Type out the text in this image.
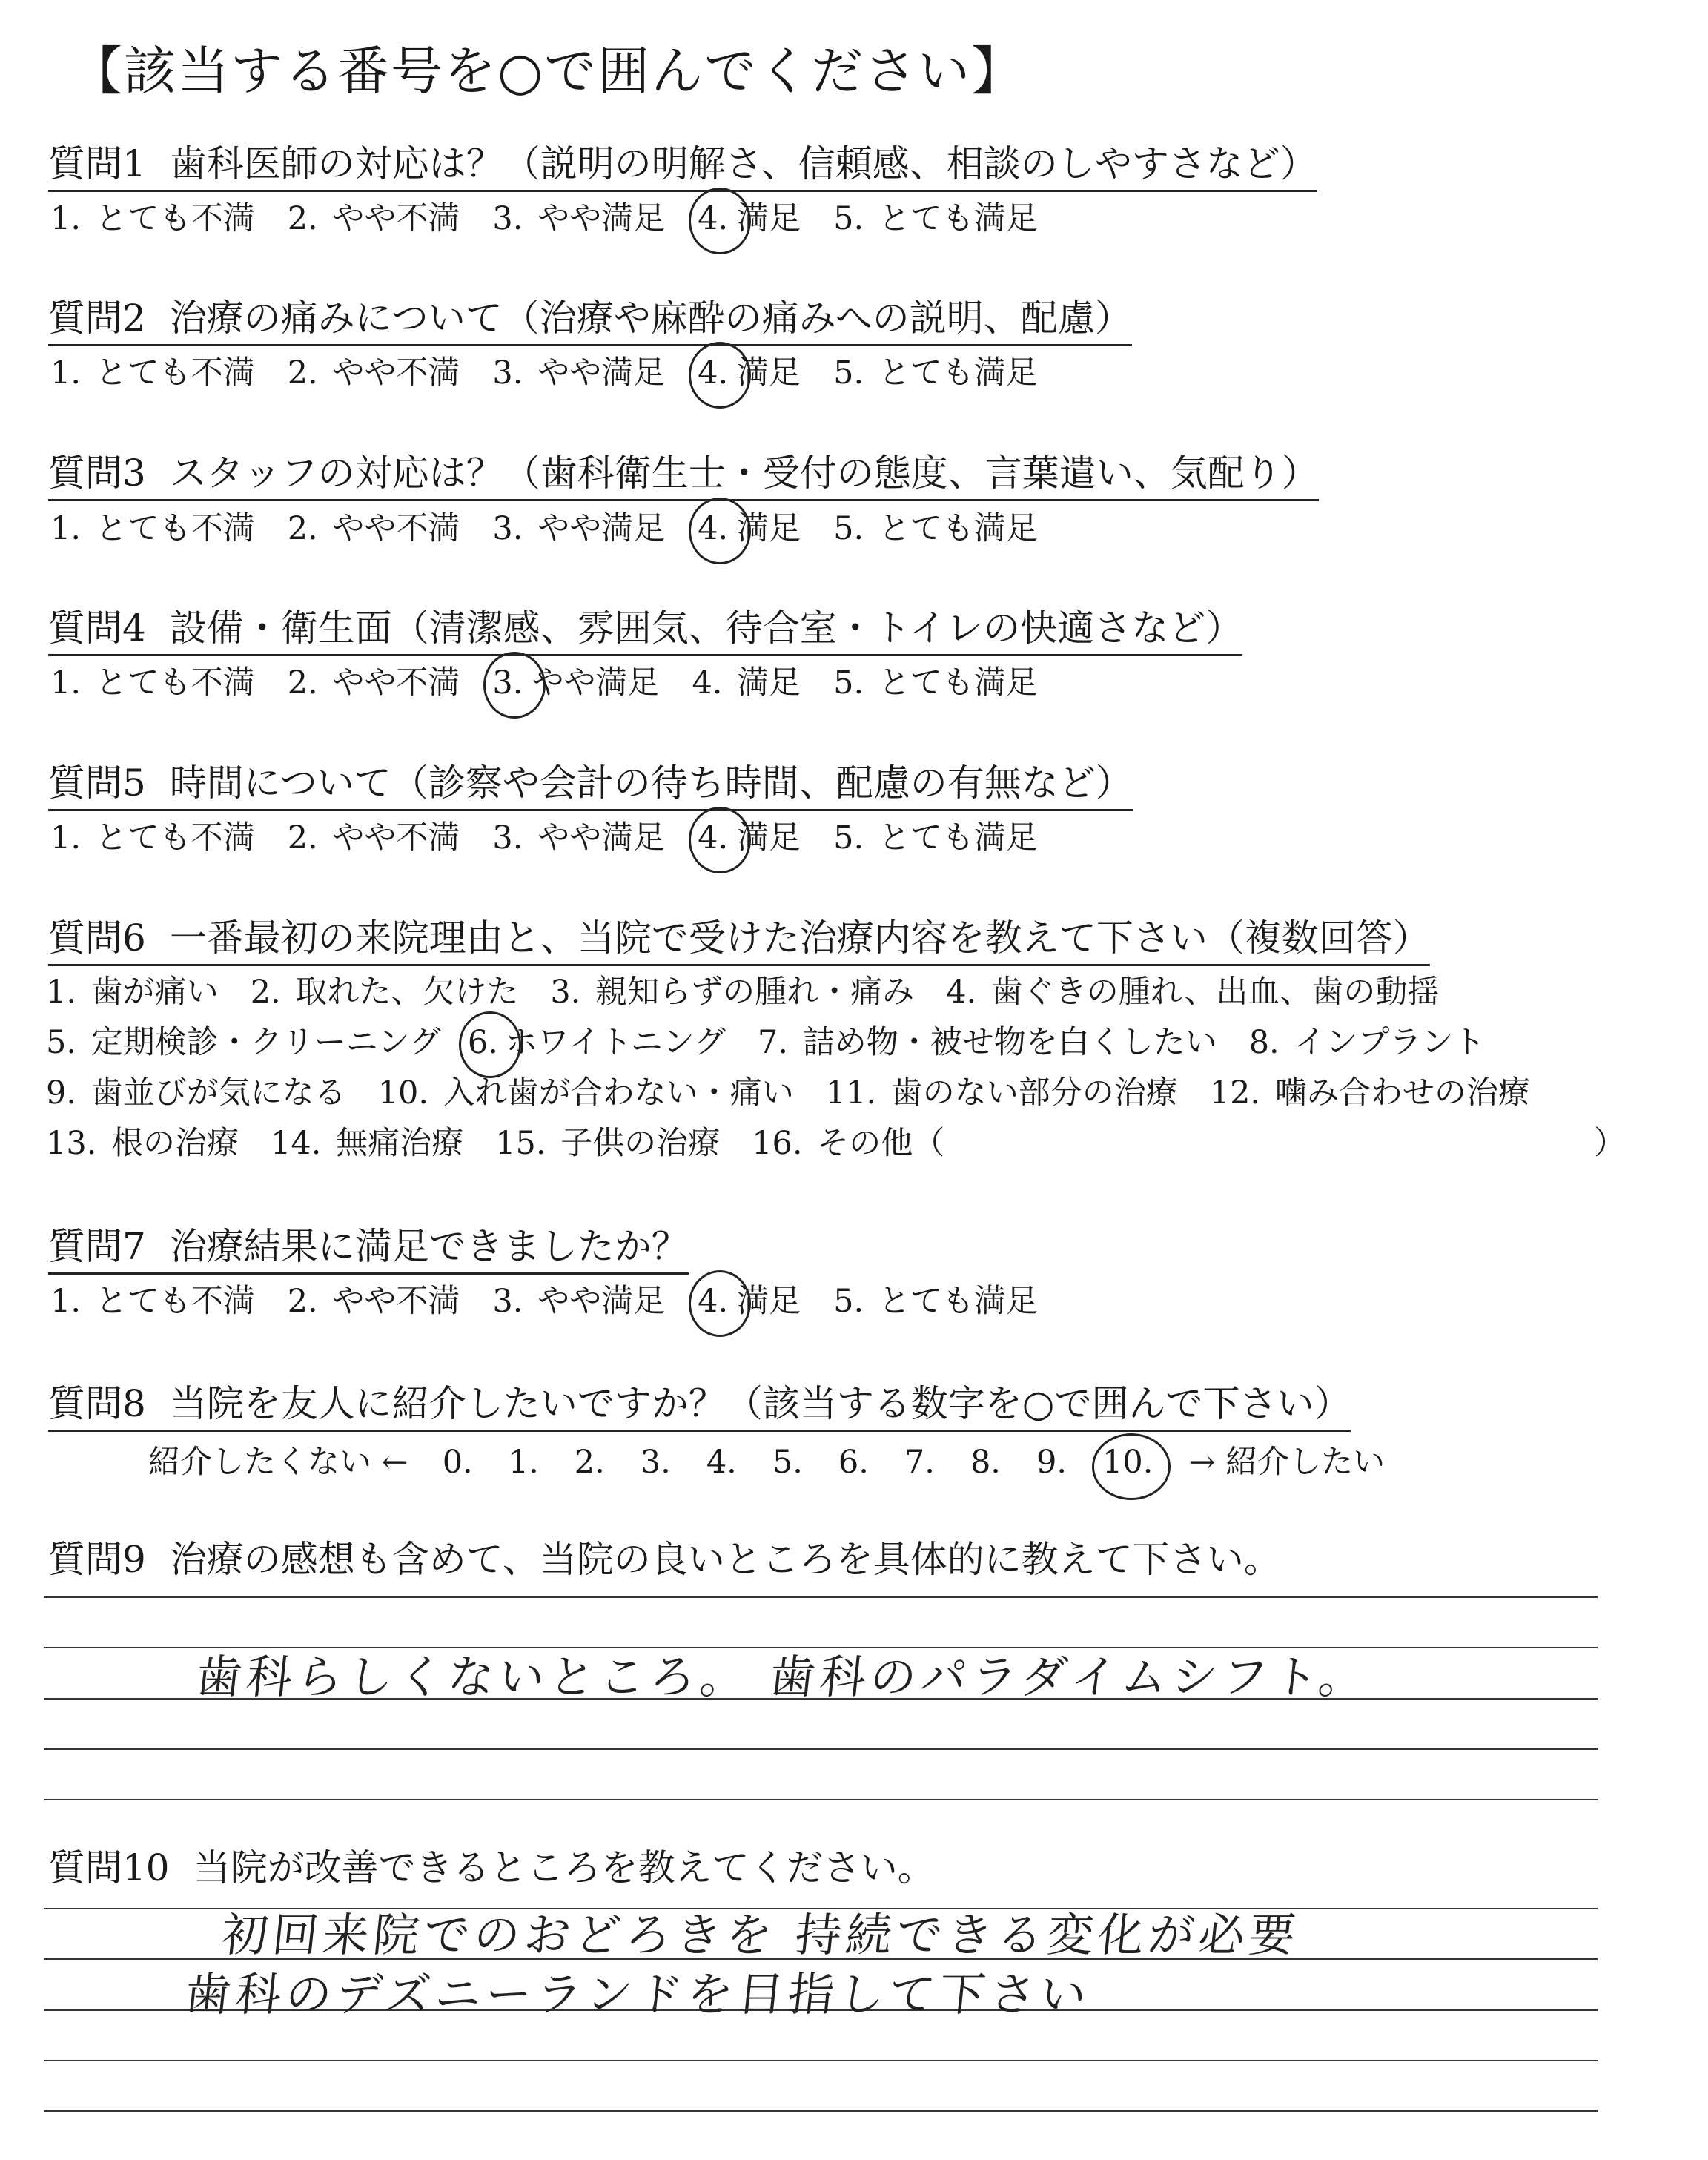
【該当する番号を○で囲んでください】
質問1 歯科医師の対応は？（説明の明解さ、信頼感、相談のしやすさなど）
1. とても不満 2. やや不満 3. やや満足 4. 満足 5. とても満足
質問2 治療の痛みについて（治療や麻酔の痛みへの説明、配慮）
1. とても不満 2. やや不満 3. やや満足 4. 満足 5. とても満足
質問3 スタッフの対応は？（歯科衛生士・受付の態度、言葉遣い、気配り）
1. とても不満 2. やや不満 3. やや満足 4. 満足 5. とても満足
質問4 設備・衛生面（清潔感、雰囲気、待合室・トイレの快適さなど）
1. とても不満 2. やや不満 3. やや満足 4. 満足 5. とても満足
質問5 時間について（診察や会計の待ち時間、配慮の有無など）
1. とても不満 2. やや不満 3. やや満足 4. 満足 5. とても満足
質問6 一番最初の来院理由と、当院で受けた治療内容を教えて下さい（複数回答）
1. 歯が痛い　2. 取れた、欠けた　3. 親知らずの腫れ・痛み　4. 歯ぐきの腫れ、出血、歯の動揺
5. 定期検診・クリーニング 6. ホワイトニング　7. 詰め物・被せ物を白くしたい　8. インプラント
9. 歯並びが気になる　10. 入れ歯が合わない・痛い　11. 歯のない部分の治療　12. 噛み合わせの治療
13. 根の治療　14. 無痛治療　15. 子供の治療　16. その他（	）
質問7 治療結果に満足できましたか？
1. とても不満 2. やや不満 3. やや満足 4. 満足 5. とても満足
質問8 当院を友人に紹介したいですか？（該当する数字を○で囲んで下さい）
紹介したくない ← 0. 1. 2. 3. 4. 5. 6. 7. 8. 9. 10. → 紹介したい
質問9 治療の感想も含めて、当院の良いところを具体的に教えて下さい。
歯科らしくないところ。 歯科のパラダイムシフト。
質問10 当院が改善できるところを教えてください。
初回来院でのおどろきを 持続できる変化が必要
歯科のデズニーランドを目指して下さい
